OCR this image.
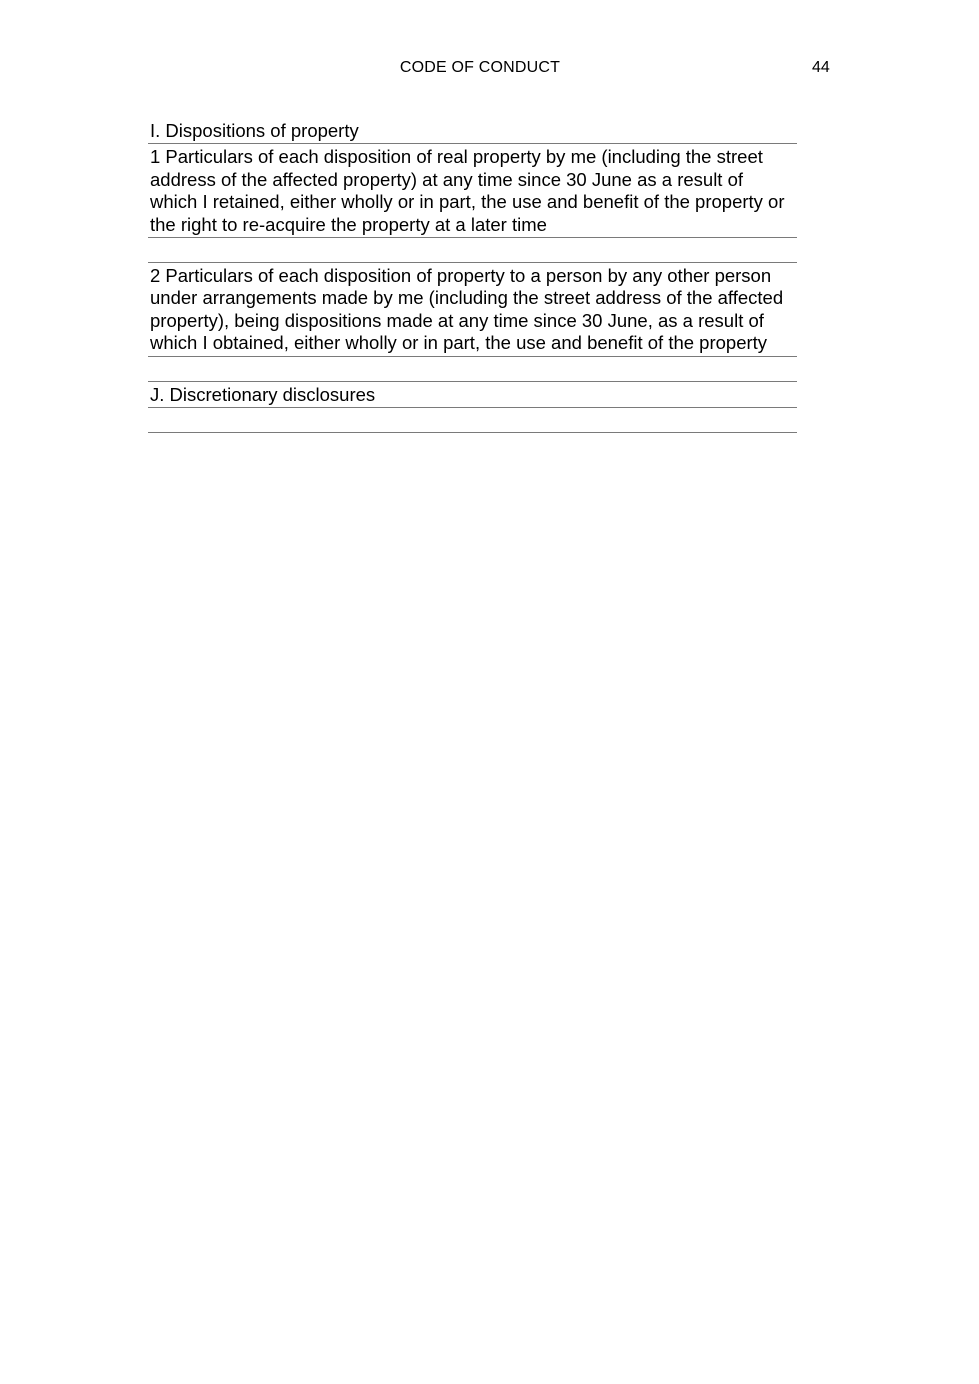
CODE OF CONDUCT	44
I. Dispositions of property
1 Particulars of each disposition of real property by me (including the street address of the affected property) at any time since 30 June as a result of which I retained, either wholly or in part, the use and benefit of the property or the right to re-acquire the property at a later time
2 Particulars of each disposition of property to a person by any other person under arrangements made by me (including the street address of the affected property), being dispositions made at any time since 30 June, as a result of which I obtained, either wholly or in part, the use and benefit of the property
J. Discretionary disclosures
